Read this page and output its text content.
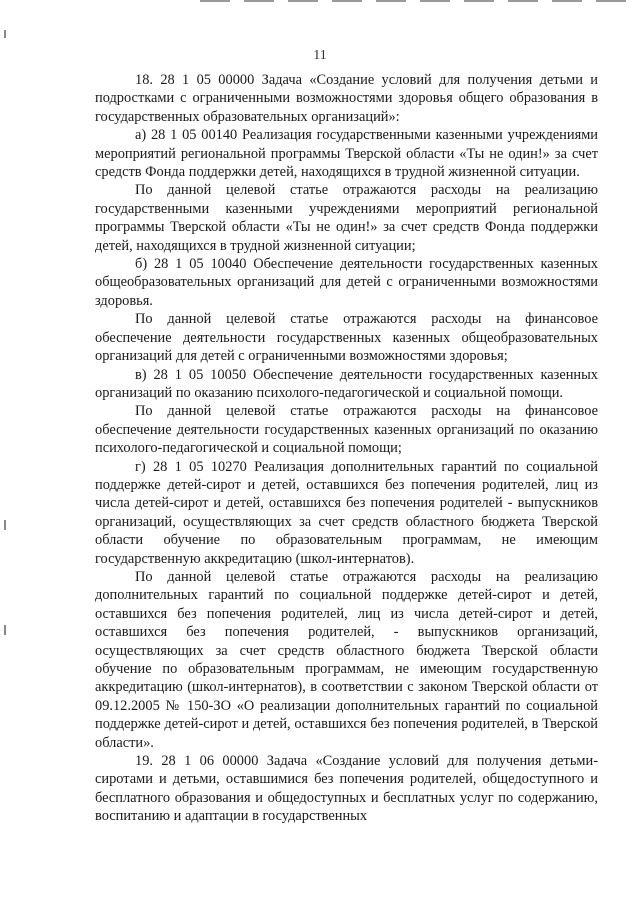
11

18. 28 1 05 00000 Задача «Создание условий для получения детьми и подростками с ограниченными возможностями здоровья общего образования в государственных образовательных организаций»:

а) 28 1 05 00140 Реализация государственными казенными учреждениями мероприятий региональной программы Тверской области «Ты не один!» за счет средств Фонда поддержки детей, находящихся в трудной жизненной ситуации.

По данной целевой статье отражаются расходы на реализацию государственными казенными учреждениями мероприятий региональной программы Тверской области «Ты не один!» за счет средств Фонда поддержки детей, находящихся в трудной жизненной ситуации;

б) 28 1 05 10040 Обеспечение деятельности государственных казенных общеобразовательных организаций для детей с ограниченными возможностями здоровья.

По данной целевой статье отражаются расходы на финансовое обеспечение деятельности государственных казенных общеобразовательных организаций для детей с ограниченными возможностями здоровья;

в) 28 1 05 10050 Обеспечение деятельности государственных казенных организаций по оказанию психолого-педагогической и социальной помощи.

По данной целевой статье отражаются расходы на финансовое обеспечение деятельности государственных казенных организаций по оказанию психолого-педагогической и социальной помощи;

г) 28 1 05 10270 Реализация дополнительных гарантий по социальной поддержке детей-сирот и детей, оставшихся без попечения родителей, лиц из числа детей-сирот и детей, оставшихся без попечения родителей - выпускников организаций, осуществляющих за счет средств областного бюджета Тверской области обучение по образовательным программам, не имеющим государственную аккредитацию (школ-интернатов).

По данной целевой статье отражаются расходы на реализацию дополнительных гарантий по социальной поддержке детей-сирот и детей, оставшихся без попечения родителей, лиц из числа детей-сирот и детей, оставшихся без попечения родителей, - выпускников организаций, осуществляющих за счет средств областного бюджета Тверской области обучение по образовательным программам, не имеющим государственную аккредитацию (школ-интернатов), в соответствии с законом Тверской области от 09.12.2005 № 150-ЗО «О реализации дополнительных гарантий по социальной поддержке детей-сирот и детей, оставшихся без попечения родителей, в Тверской области».

19. 28 1 06 00000 Задача «Создание условий для получения детьми-сиротами и детьми, оставшимися без попечения родителей, общедоступного и бесплатного образования и общедоступных и бесплатных услуг по содержанию, воспитанию и адаптации в государственных
